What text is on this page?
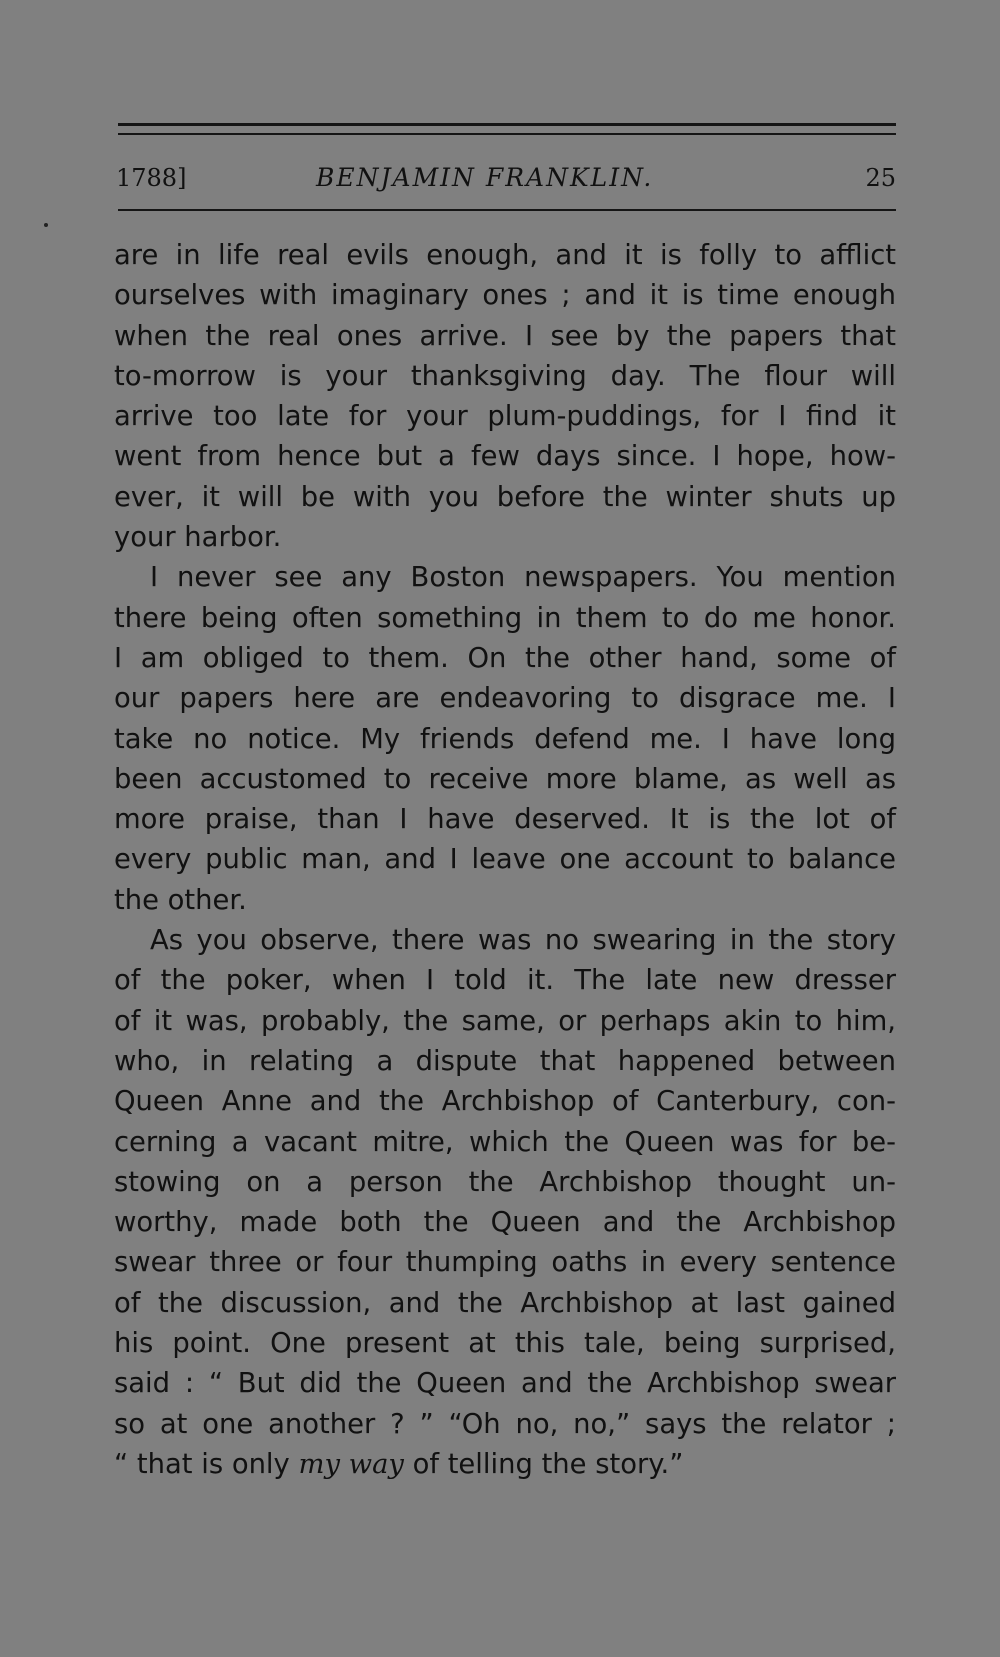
1788]	BENJAMIN FRANKLIN.	25
are in life real evils enough, and it is folly to afflict
ourselves with imaginary ones ; and it is time enough
when the real ones arrive. I see by the papers that
to-morrow is your thanksgiving day. The flour will
arrive too late for your plum-puddings, for I find it
went from hence but a few days since. I hope, how-
ever, it will be with you before the winter shuts up
your harbor.
I never see any Boston newspapers. You mention
there being often something in them to do me honor.
I am obliged to them. On the other hand, some of
our papers here are endeavoring to disgrace me. I
take no notice. My friends defend me. I have long
been accustomed to receive more blame, as well as
more praise, than I have deserved. It is the lot of
every public man, and I leave one account to balance
the other.
As you observe, there was no swearing in the story
of the poker, when I told it. The late new dresser
of it was, probably, the same, or perhaps akin to him,
who, in relating a dispute that happened between
Queen Anne and the Archbishop of Canterbury, con-
cerning a vacant mitre, which the Queen was for be-
stowing on a person the Archbishop thought un-
worthy, made both the Queen and the Archbishop
swear three or four thumping oaths in every sentence
of the discussion, and the Archbishop at last gained
his point. One present at this tale, being surprised,
said : “ But did the Queen and the Archbishop swear
so at one another ? ” “Oh no, no,” says the relator ;
“ that is only my way of telling the story.”
